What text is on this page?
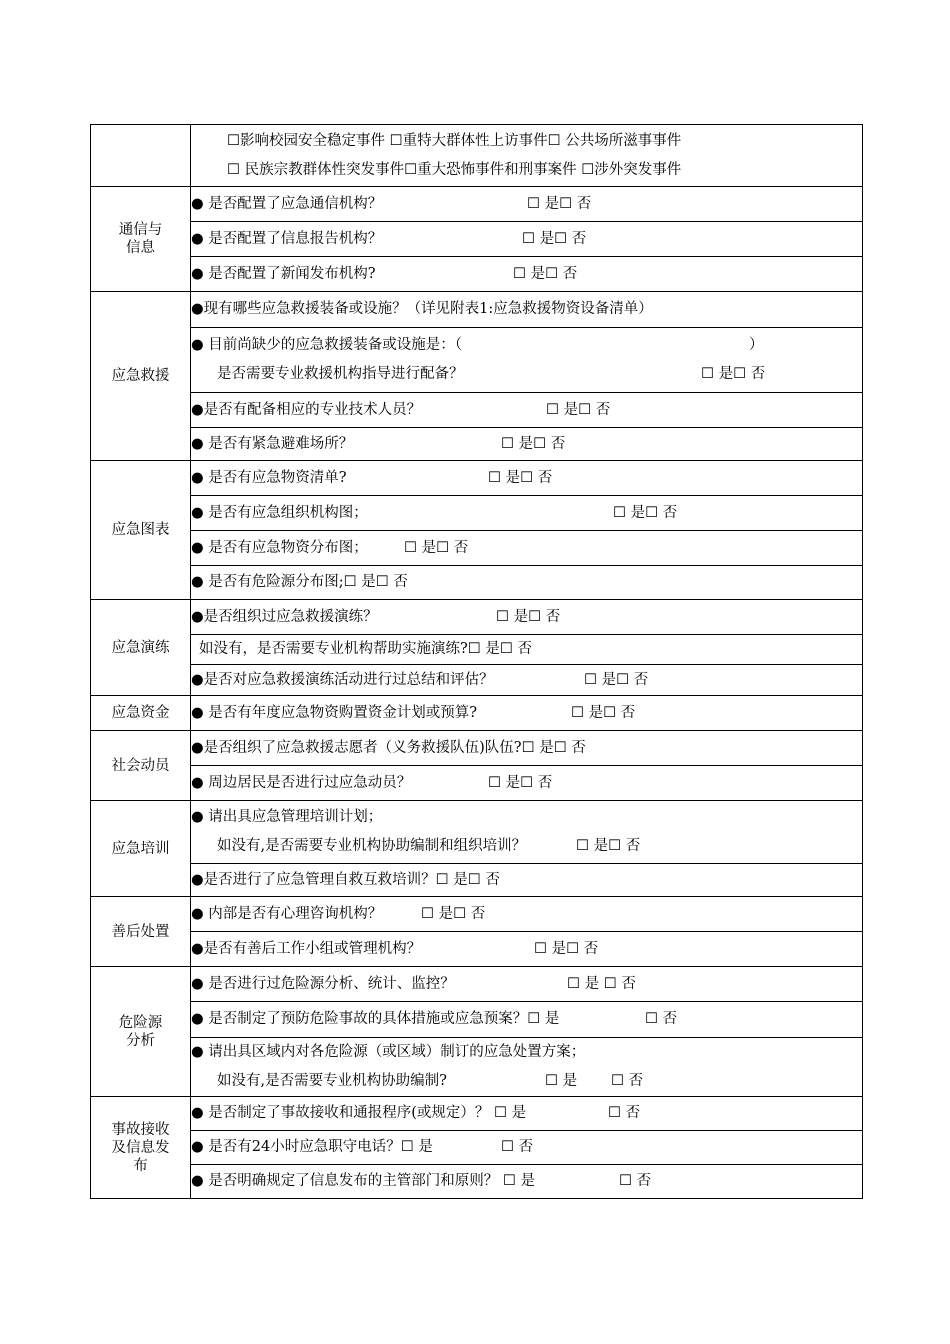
	☐影响校园安全稳定事件 ☐重特大群体性上访事件☐ 公共场所滋事事件
☐ 民族宗教群体性突发事件☐重大恐怖事件和刑事案件 ☐涉外突发事件

通信与
信息	● 是否配置了应急通信机构？ ☐ 是☐ 否

	● 是否配置了信息报告机构？ ☐ 是☐ 否

	● 是否配置了新闻发布机构? ☐ 是☐ 否

应急救援	●现有哪些应急救援装备或设施？（详见附表1:应急救援物资设备清单）

	● 目前尚缺少的应急救援装备或设施是：（ ）
是否需要专业救援机构指导进行配备？ ☐ 是☐ 否

	●是否有配备相应的专业技术人员？ ☐ 是☐ 否

	● 是否有紧急避难场所？ ☐ 是☐ 否

应急图表	● 是否有应急物资清单? ☐ 是☐ 否

	● 是否有应急组织机构图； ☐ 是☐ 否

	● 是否有应急物资分布图； ☐ 是☐ 否

	● 是否有危险源分布图;☐ 是☐ 否

应急演练	●是否组织过应急救援演练？ ☐ 是☐ 否

	如没有，是否需要专业机构帮助实施演练?☐ 是☐ 否

	●是否对应急救援演练活动进行过总结和评估？ ☐ 是☐ 否

应急资金	● 是否有年度应急物资购置资金计划或预算? ☐ 是☐ 否

社会动员	●是否组织了应急救援志愿者（义务救援队伍)队伍?☐ 是☐ 否

	● 周边居民是否进行过应急动员？ ☐ 是☐ 否

应急培训	● 请出具应急管理培训计划；
如没有,是否需要专业机构协助编制和组织培训？ ☐ 是☐ 否

	●是否进行了应急管理自救互救培训？☐ 是☐ 否

善后处置	● 内部是否有心理咨询机构？ ☐ 是☐ 否

	●是否有善后工作小组或管理机构？ ☐ 是☐ 否

危险源
分析	● 是否进行过危险源分析、统计、监控？ ☐ 是 ☐ 否

	● 是否制定了预防危险事故的具体措施或应急预案？☐ 是 ☐ 否

	● 请出具区域内对各危险源（或区域）制订的应急处置方案；
如没有,是否需要专业机构协助编制? ☐ 是 ☐ 否

事故接收
及信息发
布	● 是否制定了事故接收和通报程序(或规定）？ ☐ 是 ☐ 否

	● 是否有24小时应急职守电话？☐ 是 ☐ 否

	● 是否明确规定了信息发布的主管部门和原则？ ☐ 是 ☐ 否
